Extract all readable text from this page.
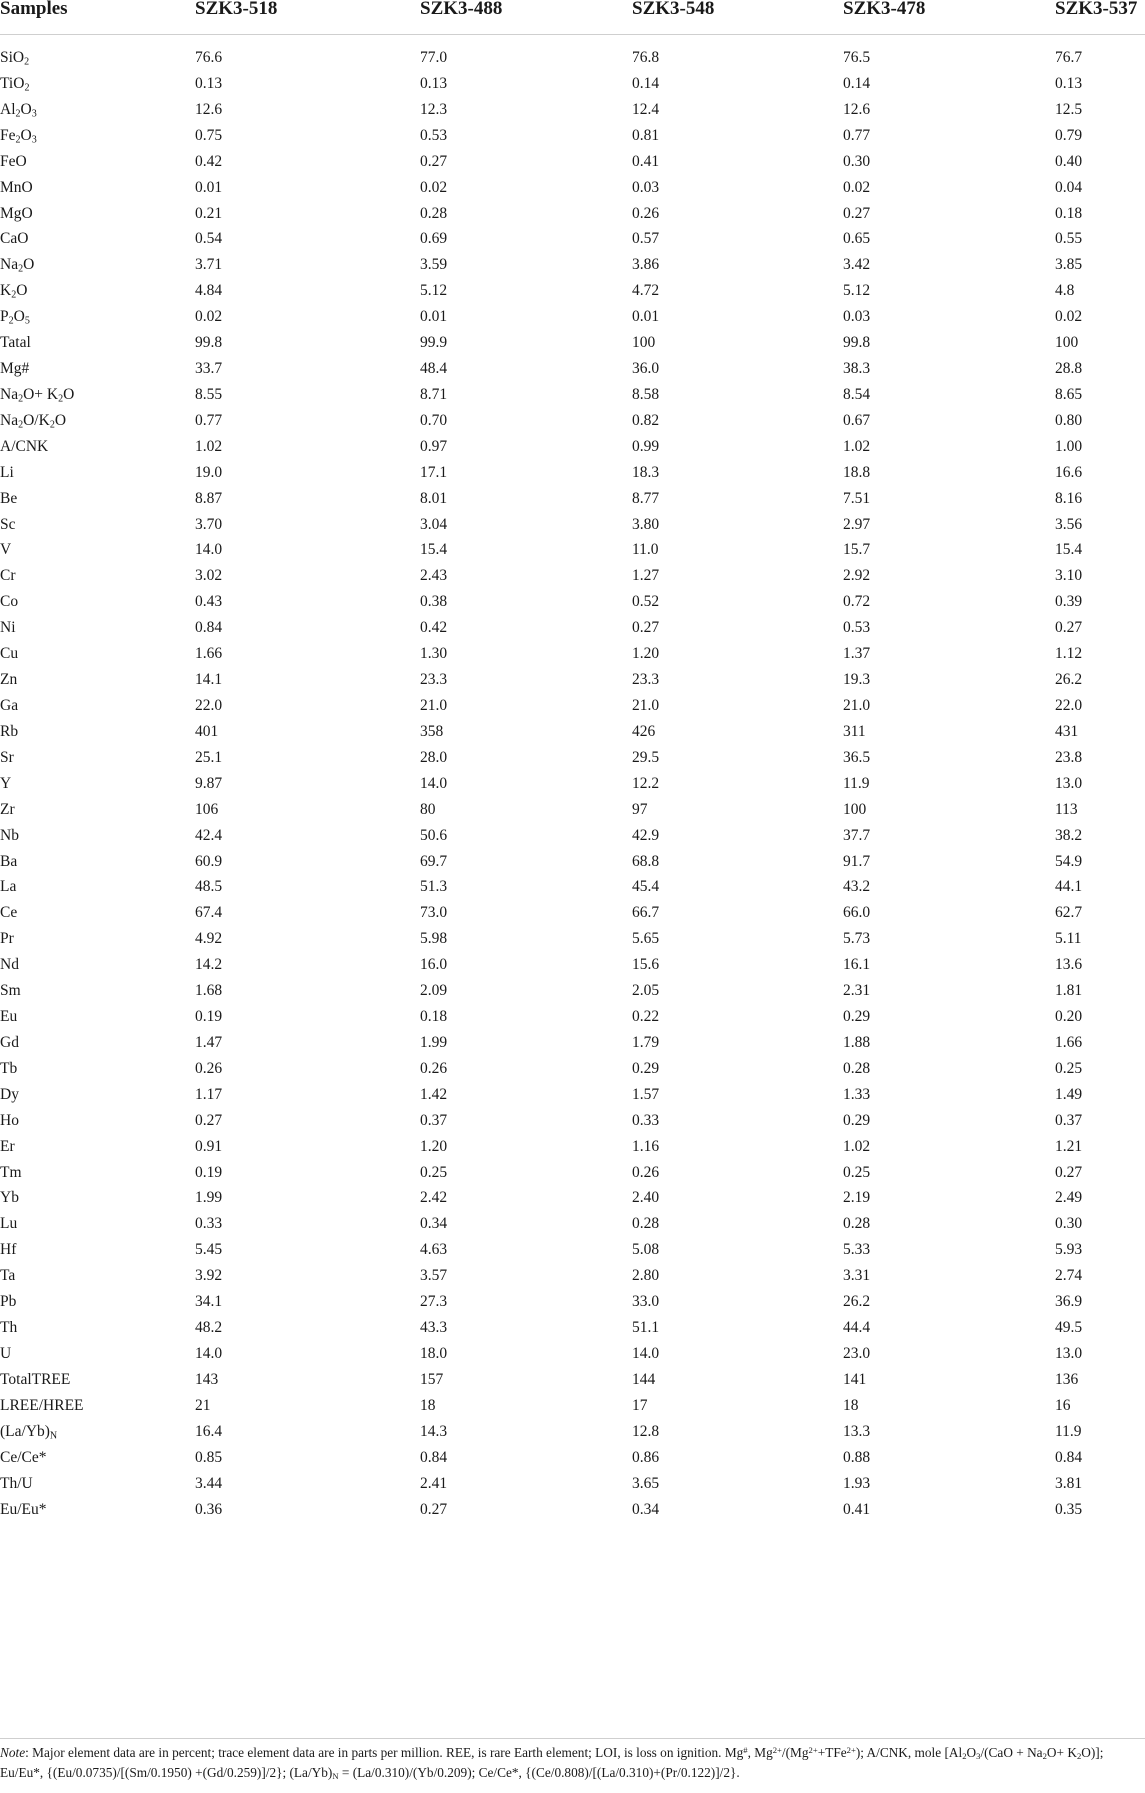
Samples	SZK3-518	SZK3-488	SZK3-548	SZK3-478	SZK3-537
SiO$_2$	76.6	77.0	76.8	76.5	76.7
TiO$_2$	0.13	0.13	0.14	0.14	0.13
$Al_2O_3$	12.6	12.3	12.4	12.6	12.5
$Fe_2O_3$	0.75	0.53	0.81	0.77	0.79
FeO	0.42	0.27	0.41	0.30	0.40
MnO	0.01	0.02	0.03	0.02	0.04
MgO	0.21	0.28	0.26	0.27	0.18
CaO	0.54	0.69	0.57	0.65	0.55
$Na_2O$	3.71	3.59	3.86	3.42	3.85
$K_2O$	4.84	5.12	4.72	5.12	4.8
$P_2O_5$	0.02	0.01	0.01	0.03	0.02
Tatal	99.8	99.9	100	99.8	100
Mg#	33.7	48.4	36.0	38.3	28.8
$Na_2O+ K_2O$	8.55	8.71	8.58	8.54	8.65
$Na_2O/K_2O$	0.77	0.70	0.82	0.67	0.80
A/CNK	1.02	0.97	0.99	1.02	1.00
Li	19.0	17.1	18.3	18.8	16.6
Be	8.87	8.01	8.77	7.51	8.16
Sc	3.70	3.04	3.80	2.97	3.56
V	14.0	15.4	11.0	15.7	15.4
Cr	3.02	2.43	1.27	2.92	3.10
Co	0.43	0.38	0.52	0.72	0.39
Ni	0.84	0.42	0.27	0.53	0.27
Cu	1.66	1.30	1.20	1.37	1.12
Zn	14.1	23.3	23.3	19.3	26.2
Ga	22.0	21.0	21.0	21.0	22.0
Rb	401	358	426	311	431
Sr	25.1	28.0	29.5	36.5	23.8
Y	9.87	14.0	12.2	11.9	13.0
Zr	106	80	97	100	113
Nb	42.4	50.6	42.9	37.7	38.2
Ba	60.9	69.7	68.8	91.7	54.9
La	48.5	51.3	45.4	43.2	44.1
Ce	67.4	73.0	66.7	66.0	62.7
Pr	4.92	5.98	5.65	5.73	5.11
Nd	14.2	16.0	15.6	16.1	13.6
Sm	1.68	2.09	2.05	2.31	1.81
Eu	0.19	0.18	0.22	0.29	0.20
Gd	1.47	1.99	1.79	1.88	1.66
Tb	0.26	0.26	0.29	0.28	0.25
Dy	1.17	1.42	1.57	1.33	1.49
Ho	0.27	0.37	0.33	0.29	0.37
Er	0.91	1.20	1.16	1.02	1.21
Tm	0.19	0.25	0.26	0.25	0.27
Yb	1.99	2.42	2.40	2.19	2.49
Lu	0.33	0.34	0.28	0.28	0.30
Hf	5.45	4.63	5.08	5.33	5.93
Ta	3.92	3.57	2.80	3.31	2.74
Pb	34.1	27.3	33.0	26.2	36.9
Th	48.2	43.3	51.1	44.4	49.5
U	14.0	18.0	14.0	23.0	13.0
TotalTREE	143	157	144	141	136
LREE/HREE	21	18	17	18	16
$(La/Yb)_N$	16.4	14.3	12.8	13.3	11.9
Ce/Ce*	0.85	0.84	0.86	0.88	0.84
Th/U	3.44	2.41	3.65	1.93	3.81
Eu/Eu*	0.36	0.27	0.34	0.41	0.35
Note: Major element data are in percent; trace element data are in parts per million. REE, is rare Earth element; LOI, is loss on ignition. Mg#, $Mg^{2+}/(Mg^{2+}+TFe^{2+})$; A/CNK, mole $[Al_2O_3/(CaO + Na_2O+ K_2O)]$; Eu/Eu*, {(Eu/0.0735)/[(Sm/0.1950) +(Gd/0.259)]/2}; $(La/Yb)_N = (La/0.310)/(Yb/0.209)$; Ce/Ce*, {(Ce/0.808)/[(La/0.310)+(Pr/0.122)]/2}.
